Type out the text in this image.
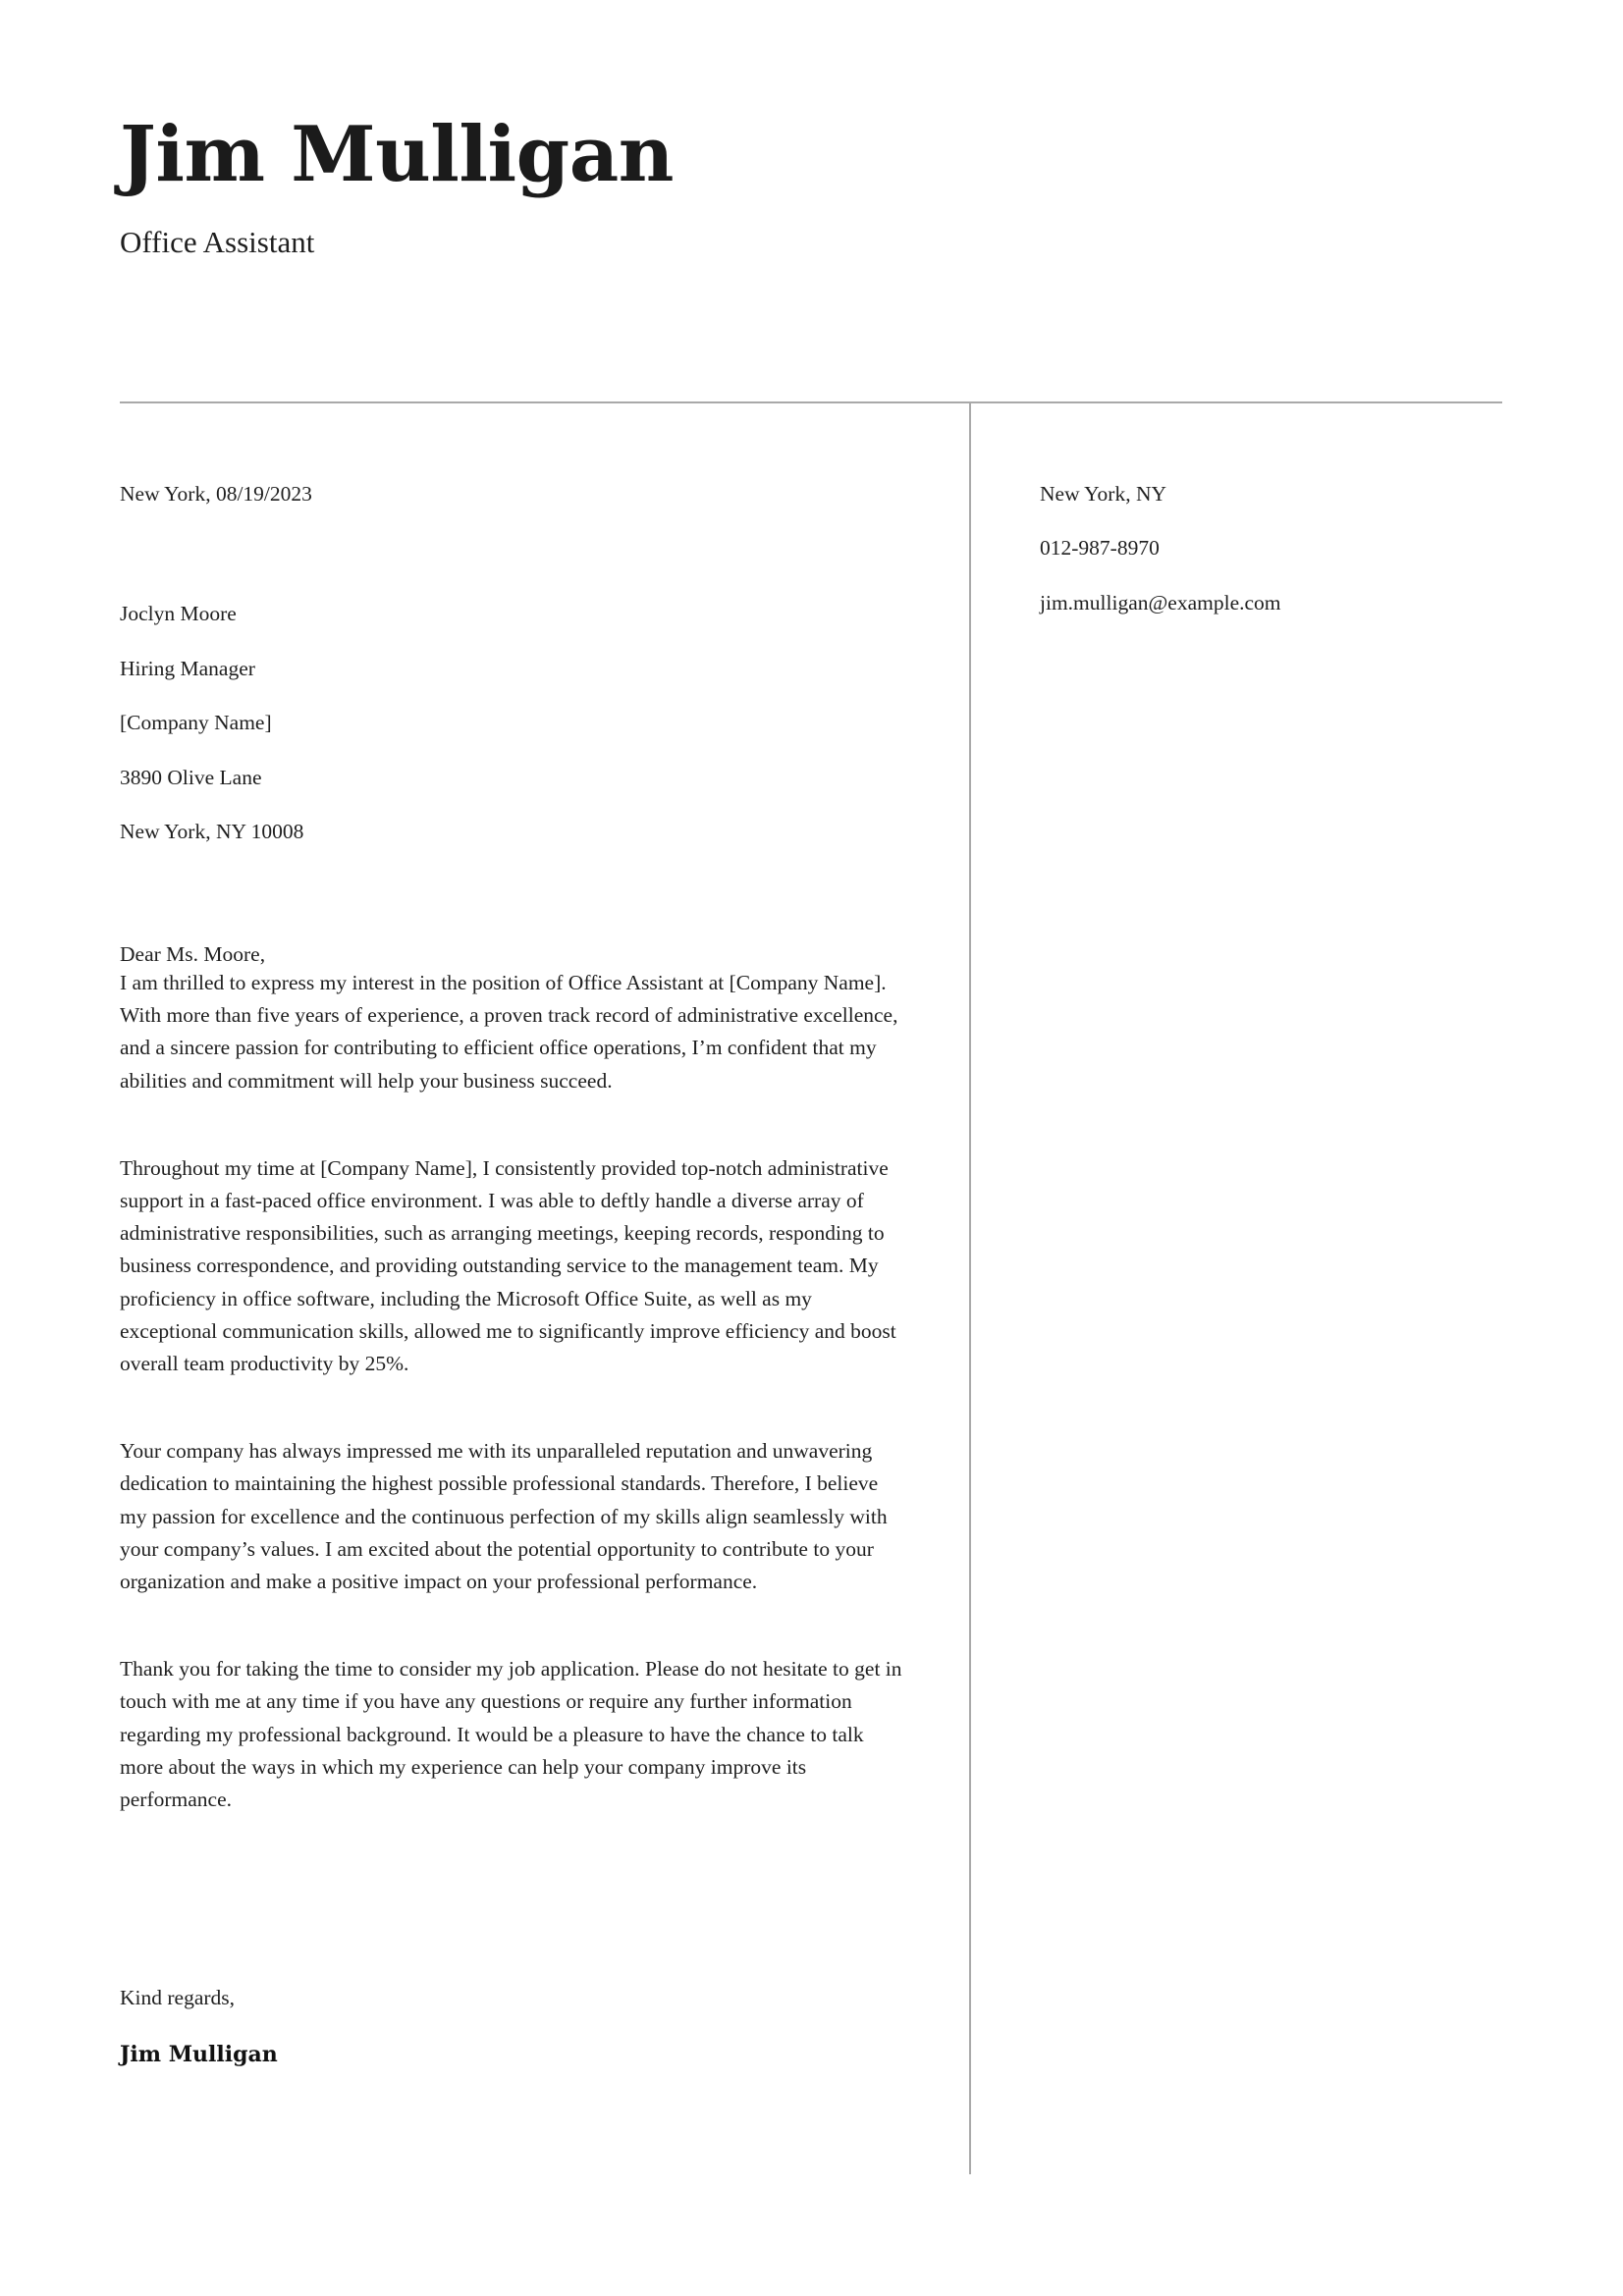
Jim Mulligan

Office Assistant

New York, 08/19/2023

Joclyn Moore

Hiring Manager

[Company Name]

3890 Olive Lane

New York, NY 10008

Dear Ms. Moore,

New York, NY

012-987-8970

jim.mulligan@example.com

I am thrilled to express my interest in the position of Office Assistant at [Company Name]. With more than five years of experience, a proven track record of administrative excellence, and a sincere passion for contributing to efficient office operations, I’m confident that my abilities and commitment will help your business succeed.

Throughout my time at [Company Name], I consistently provided top-notch administrative support in a fast-paced office environment. I was able to deftly handle a diverse array of administrative responsibilities, such as arranging meetings, keeping records, responding to business correspondence, and providing outstanding service to the management team. My proficiency in office software, including the Microsoft Office Suite, as well as my exceptional communication skills, allowed me to significantly improve efficiency and boost overall team productivity by 25%.

Your company has always impressed me with its unparalleled reputation and unwavering dedication to maintaining the highest possible professional standards. Therefore, I believe my passion for excellence and the continuous perfection of my skills align seamlessly with your company’s values. I am excited about the potential opportunity to contribute to your organization and make a positive impact on your professional performance.

Thank you for taking the time to consider my job application. Please do not hesitate to get in touch with me at any time if you have any questions or require any further information regarding my professional background. It would be a pleasure to have the chance to talk more about the ways in which my experience can help your company improve its performance.

Kind regards,

Jim Mulligan
